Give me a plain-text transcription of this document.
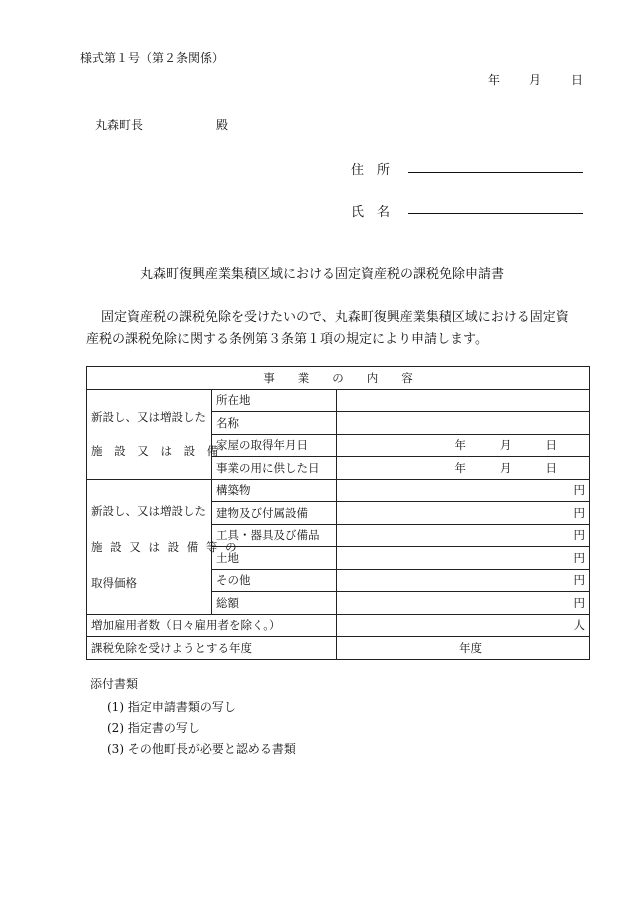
様式第１号（第２条関係）
年 月 日
丸森町長	殿
住　所
氏　名
丸森町復興産業集積区域における固定資産税の課税免除申請書
固定資産税の課税免除を受けたいので、丸森町復興産業集積区域における固定資
産税の課税免除に関する条例第３条第１項の規定により申請します。
事　　業　　の　　内　　容		

新設し、又は増設した
施 設 又 は 設 備	所在地	
	名称	
	家屋の取得年月日	年 月 日

	事業の用に供した日	年 月 日

新設し、又は増設した
施 設 又 は 設 備 等 の
取得価格	構築物	円
	建物及び付属設備	円
	工具・器具及び備品	円
	土地	円
	その他	円
	総額	円
増加雇用者数（日々雇用者を除く。）		人
課税免除を受けようとする年度		年度
添付書類
(1) 指定申請書類の写し
(2) 指定書の写し
(3) その他町長が必要と認める書類
